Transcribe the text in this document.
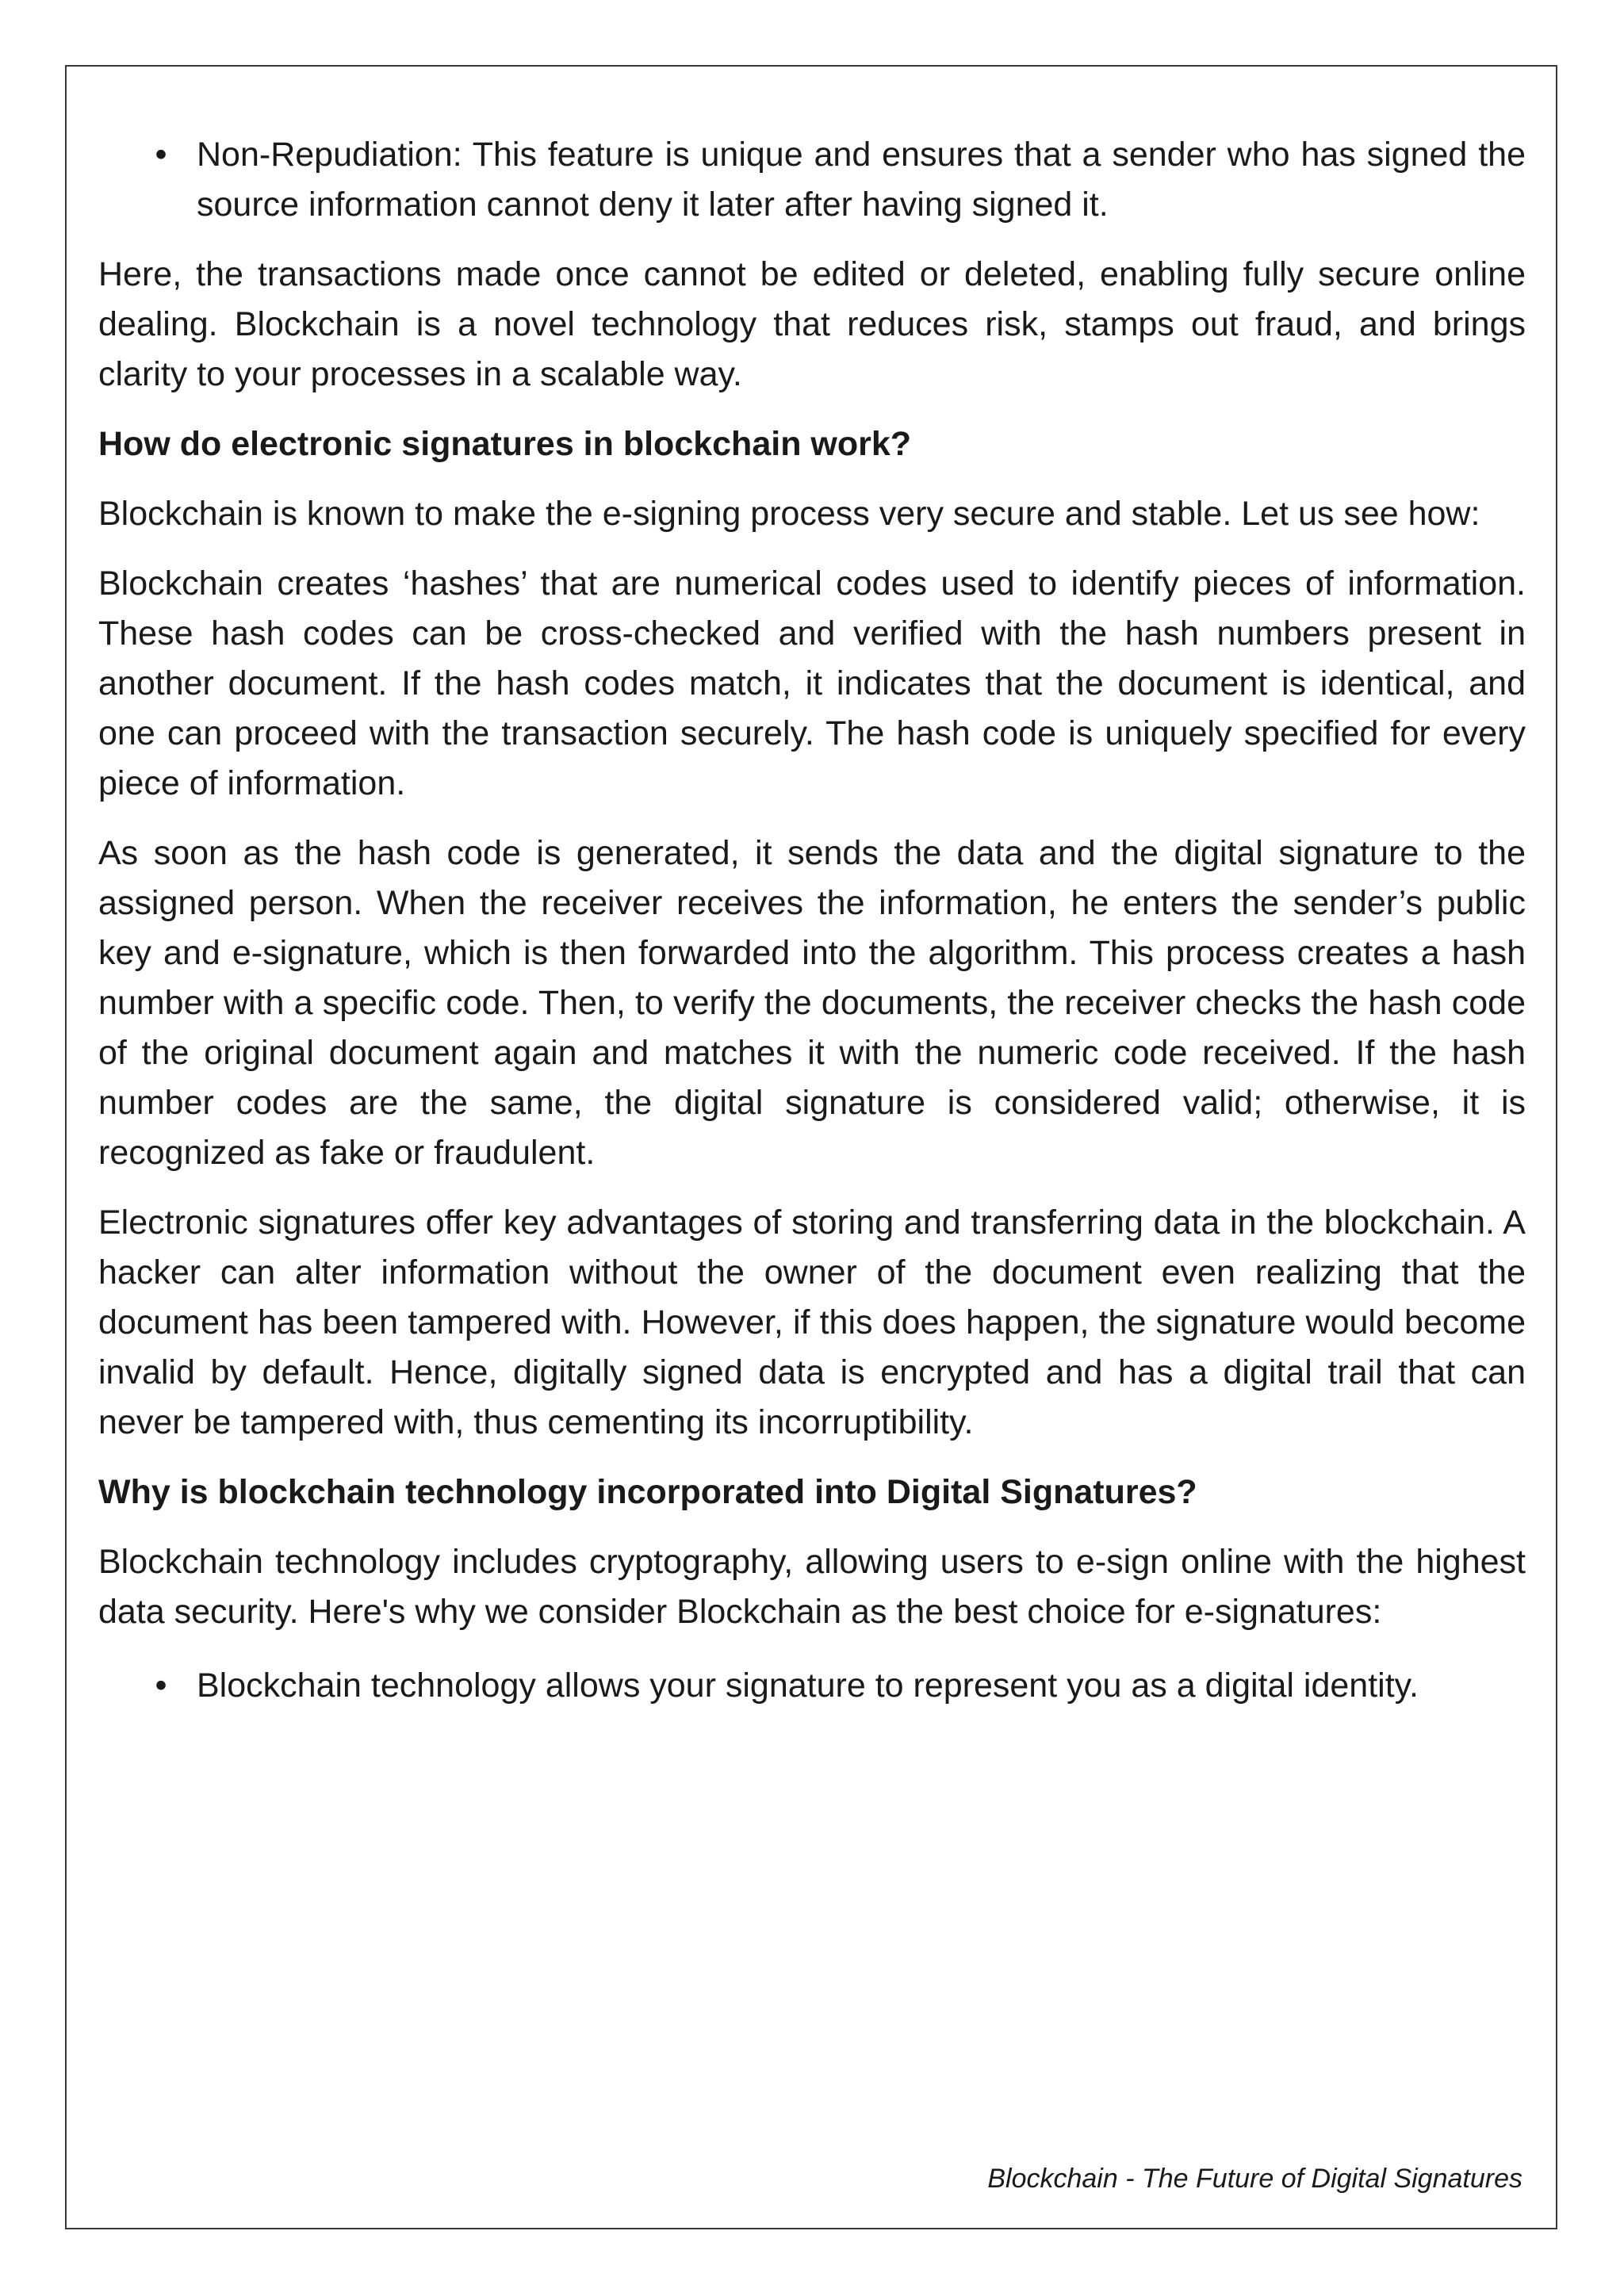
• Non-Repudiation: This feature is unique and ensures that a sender who has signed the source information cannot deny it later after having signed it.

Here, the transactions made once cannot be edited or deleted, enabling fully secure online dealing. Blockchain is a novel technology that reduces risk, stamps out fraud, and brings clarity to your processes in a scalable way.

How do electronic signatures in blockchain work?

Blockchain is known to make the e-signing process very secure and stable. Let us see how:

Blockchain creates ‘hashes’ that are numerical codes used to identify pieces of information. These hash codes can be cross-checked and verified with the hash numbers present in another document. If the hash codes match, it indicates that the document is identical, and one can proceed with the transaction securely. The hash code is uniquely specified for every piece of information.

As soon as the hash code is generated, it sends the data and the digital signature to the assigned person. When the receiver receives the information, he enters the sender’s public key and e-signature, which is then forwarded into the algorithm. This process creates a hash number with a specific code. Then, to verify the documents, the receiver checks the hash code of the original document again and matches it with the numeric code received. If the hash number codes are the same, the digital signature is considered valid; otherwise, it is recognized as fake or fraudulent.

Electronic signatures offer key advantages of storing and transferring data in the blockchain. A hacker can alter information without the owner of the document even realizing that the document has been tampered with. However, if this does happen, the signature would become invalid by default. Hence, digitally signed data is encrypted and has a digital trail that can never be tampered with, thus cementing its incorruptibility.

Why is blockchain technology incorporated into Digital Signatures?

Blockchain technology includes cryptography, allowing users to e-sign online with the highest data security. Here's why we consider Blockchain as the best choice for e-signatures:

• Blockchain technology allows your signature to represent you as a digital identity.
Blockchain - The Future of Digital Signatures
